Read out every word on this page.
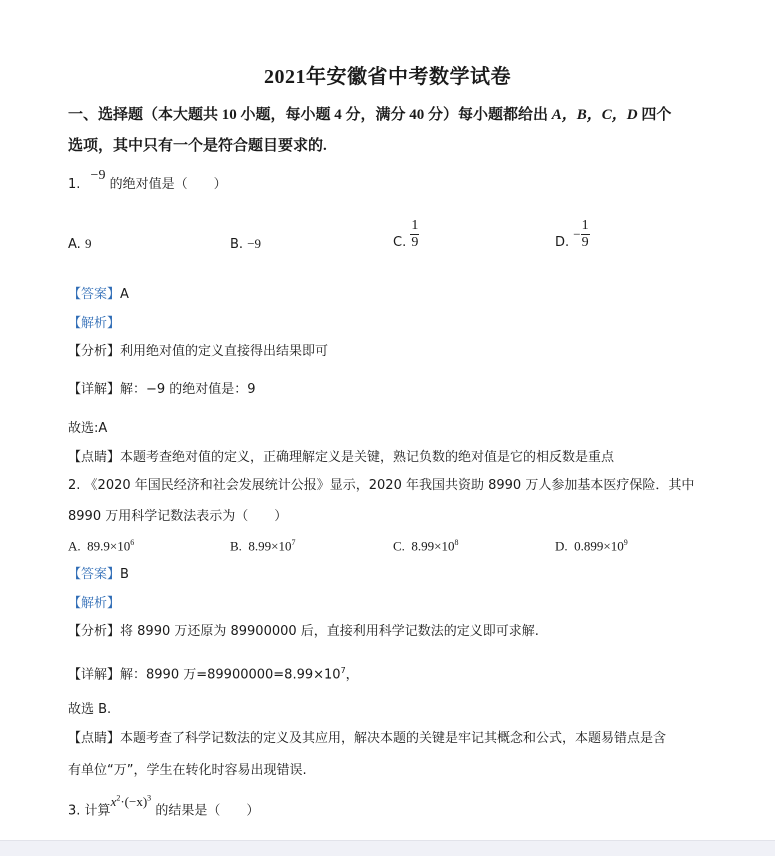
2021年安徽省中考数学试卷
一、选择题（本大题共 10 小题，每小题 4 分，满分 40 分）每小题都给出 A，B，C，D 四个
选项，其中只有一个是符合题目要求的.
1. −9 的绝对值是（　　）
A. 9	B. −9	C. $\frac{1}{9}$	D. − $\frac{1}{9}$
【答案】A
【解析】
【分析】利用绝对值的定义直接得出结果即可
【详解】解：−9 的绝对值是：9
故选:A
【点睛】本题考查绝对值的定义，正确理解定义是关键，熟记负数的绝对值是它的相反数是重点
2. 《2020 年国民经济和社会发展统计公报》显示，2020 年我国共资助 8990 万人参加基本医疗保险．其中
8990 万用科学记数法表示为（　　）
A. $89.9\times 10^6$	B. $8.99\times 10^7$	C. $8.99\times 10^8$	D. $0.899\times 10^9$
【答案】B
【解析】
【分析】将 8990 万还原为 89900000 后，直接利用科学记数法的定义即可求解.
【详解】解：8990 万$=89900000=8.99\times 10^7$，
故选 B.
【点睛】本题考查了科学记数法的定义及其应用，解决本题的关键是牢记其概念和公式，本题易错点是含
有单位“万”，学生在转化时容易出现错误.
3. 计算$x^2\cdot(-x)^3$ 的结果是（　　）
